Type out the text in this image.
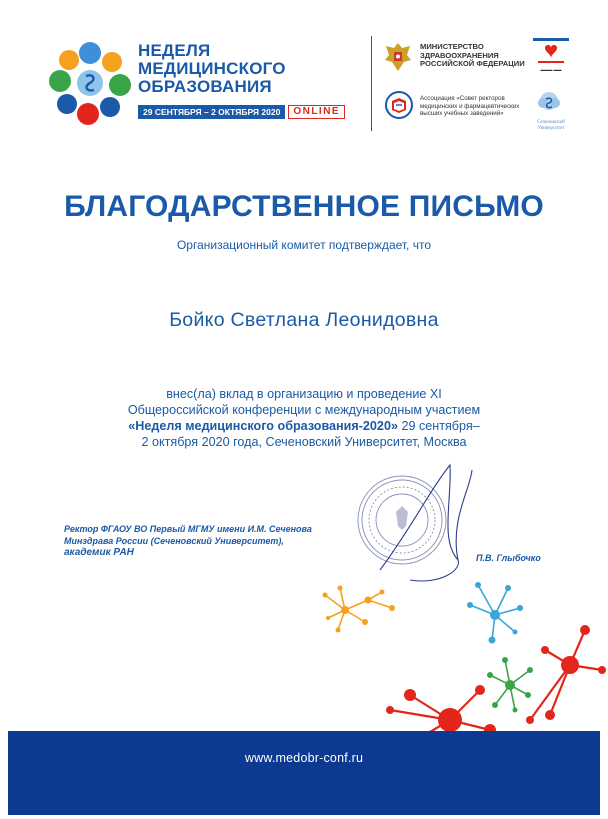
НЕДЕЛЯ
МЕДИЦИНСКОГО
ОБРАЗОВАНИЯ
29 СЕНТЯБРЯ – 2 ОКТЯБРЯ 2020	ONLINE
МИНИСТЕРСТВО
ЗДРАВООХРАНЕНИЯ
РОССИЙСКОЙ ФЕДЕРАЦИИ
Ассоциация «Совет ректоров
медицинских и фармацевтических
высших учебных заведений»
▬▬▬ ▬▬
Сеченовский
Университет
БЛАГОДАРСТВЕННОЕ ПИСЬМО
Организационный комитет подтверждает, что
Бойко Светлана Леонидовна
внес(ла) вклад в организацию и проведение XI
Общероссийской конференции с международным участием
«Неделя медицинского образования-2020» 29 сентября–
2 октября 2020 года, Сеченовский Университет, Москва
Ректор ФГАОУ ВО Первый МГМУ имени И.М. Сеченова
Минздрава России (Сеченовский Университет),
академик РАН	П.В. Глыбочко
www.medobr-conf.ru
